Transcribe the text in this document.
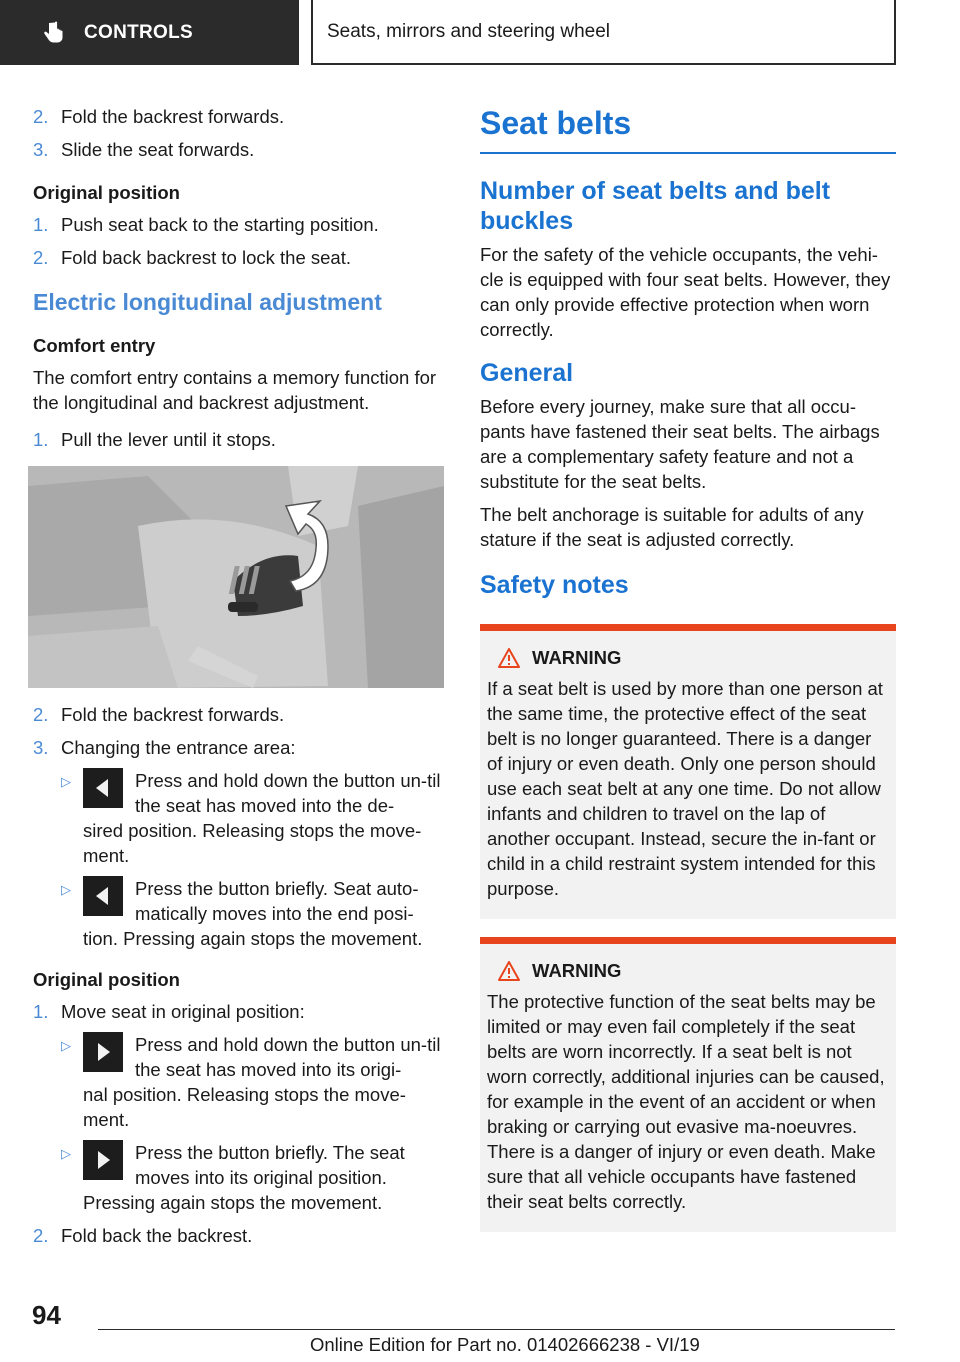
CONTROLS	Seats, mirrors and steering wheel
2. Fold the backrest forwards.
3. Slide the seat forwards.
Original position
1. Push seat back to the starting position.
2. Fold back backrest to lock the seat.
Electric longitudinal adjustment
Comfort entry
The comfort entry contains a memory function for the longitudinal and backrest adjustment.
1. Pull the lever until it stops.
2. Fold the backrest forwards.
3. Changing the entrance area:
▷	Press and hold down the button un-til the seat has moved into the de-
sired position. Releasing stops the move-ment.
▷	Press the button briefly. Seat auto-matically moves into the end posi-
tion. Pressing again stops the movement.
Original position
1. Move seat in original position:
▷	Press and hold down the button un-til the seat has moved into its origi-
nal position. Releasing stops the move-ment.
▷	Press the button briefly. The seat moves into its original position.
Pressing again stops the movement.
2. Fold back the backrest.
Seat belts
Number of seat belts and belt buckles
For the safety of the vehicle occupants, the vehi-cle is equipped with four seat belts. However, they can only provide effective protection when worn correctly.
General
Before every journey, make sure that all occu-pants have fastened their seat belts. The airbags are a complementary safety feature and not a substitute for the seat belts.
The belt anchorage is suitable for adults of any stature if the seat is adjusted correctly.
Safety notes
WARNING
If a seat belt is used by more than one person at the same time, the protective effect of the seat belt is no longer guaranteed. There is a danger of injury or even death. Only one person should use each seat belt at any one time. Do not allow infants and children to travel on the lap of another occupant. Instead, secure the in-fant or child in a child restraint system intended for this purpose.
WARNING
The protective function of the seat belts may be limited or may even fail completely if the seat belts are worn incorrectly. If a seat belt is not worn correctly, additional injuries can be caused, for example in the event of an accident or when braking or carrying out evasive ma-noeuvres. There is a danger of injury or even death. Make sure that all vehicle occupants have fastened their seat belts correctly.
94
Online Edition for Part no. 01402666238 - VI/19
